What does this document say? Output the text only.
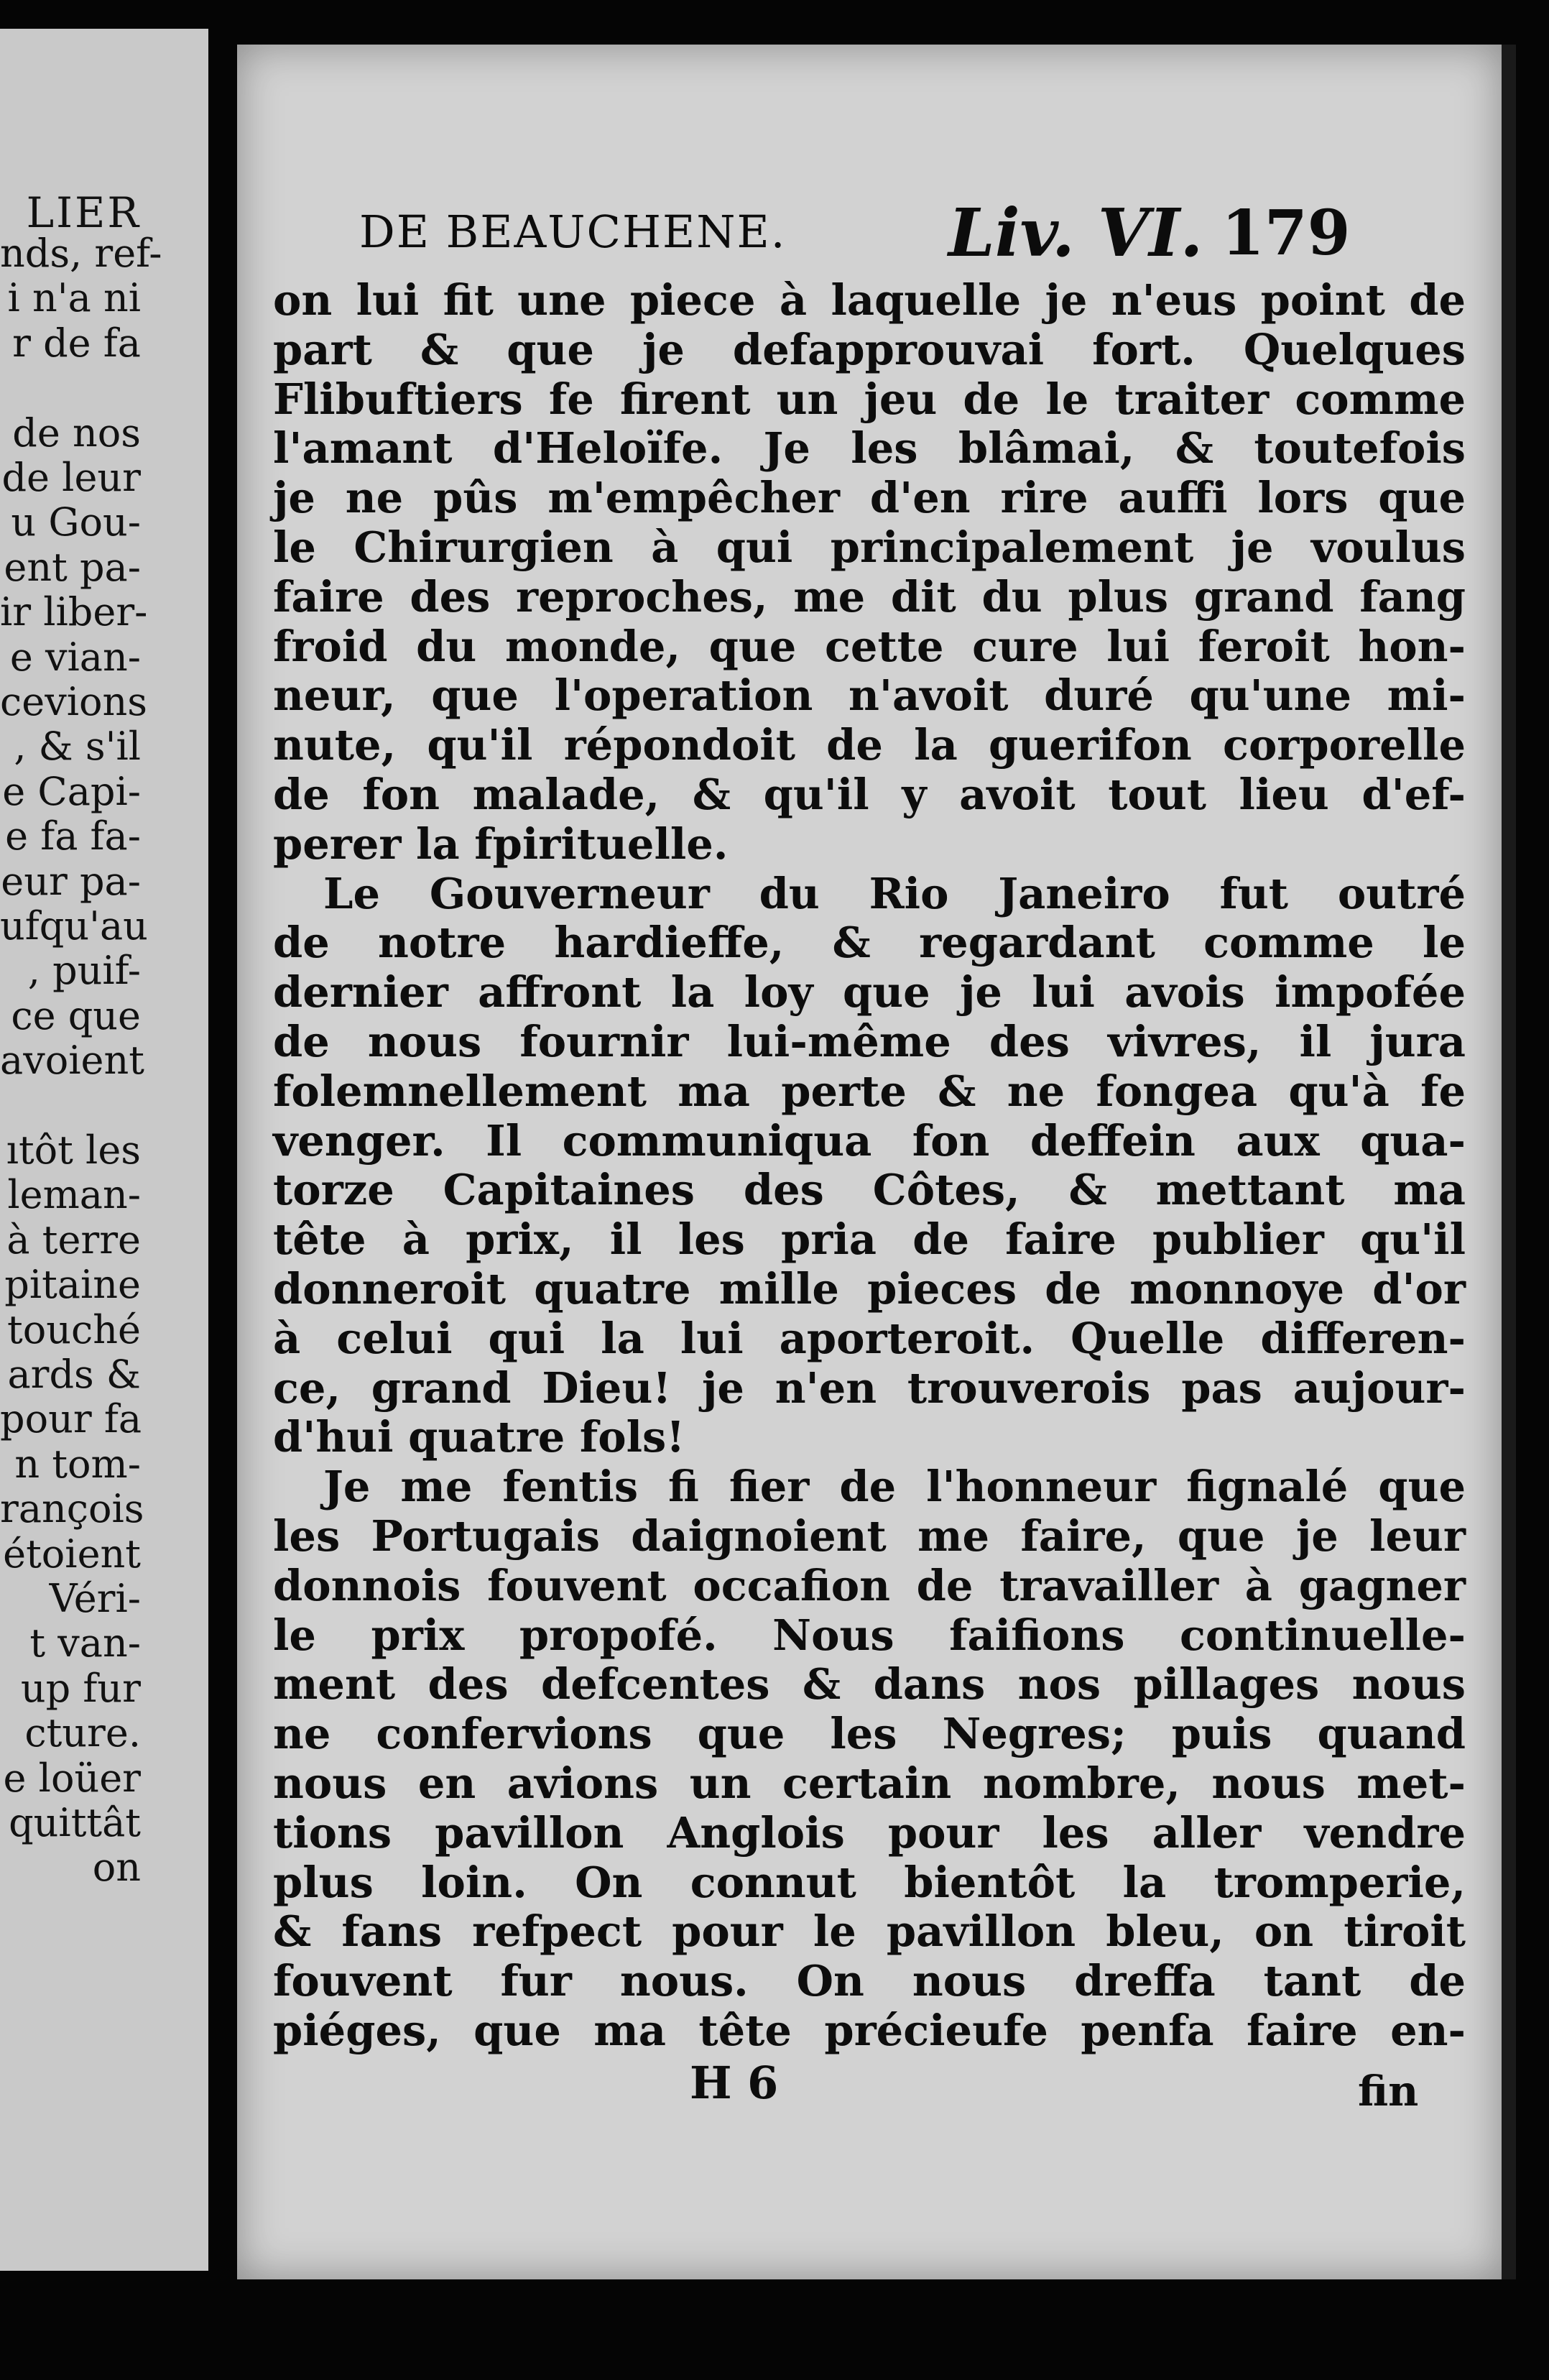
LIER
nds, ref-
i n'a ni
r de fa
de nos
de leur
u Gou-
ent pa-
ir liber-
e vian-
cevions
, & s'il
e Capi-
e fa fa-
eur pa-
ufqu'au
, puif-
ce que
avoient
ıtôt les
leman-
à terre
pitaine
touché
ards &
pour fa
n tom-
rançois
étoient
Véri-
t van-
up fur
cture.
e loüer
quittât
on
DE BEAUCHENE. Liv. VI. 179
on lui fit une piece à laquelle je n'eus point de
part & que je defapprouvai fort. Quelques
Flibuftiers fe firent un jeu de le traiter comme
l'amant d'Heloïfe. Je les blâmai, & toutefois
je ne pûs m'empêcher d'en rire auffi lors que
le Chirurgien à qui principalement je voulus
faire des reproches, me dit du plus grand fang
froid du monde, que cette cure lui feroit hon-
neur, que l'operation n'avoit duré qu'une mi-
nute, qu'il répondoit de la guerifon corporelle
de fon malade, & qu'il y avoit tout lieu d'ef-
perer la fpirituelle.
Le Gouverneur du Rio Janeiro fut outré
de notre hardieffe, & regardant comme le
dernier affront la loy que je lui avois impofée
de nous fournir lui-même des vivres, il jura
folemnellement ma perte & ne fongea qu'à fe
venger. Il communiqua fon deffein aux qua-
torze Capitaines des Côtes, & mettant ma
tête à prix, il les pria de faire publier qu'il
donneroit quatre mille pieces de monnoye d'or
à celui qui la lui aporteroit. Quelle differen-
ce, grand Dieu! je n'en trouverois pas aujour-
d'hui quatre fols!
Je me fentis fi fier de l'honneur fignalé que
les Portugais daignoient me faire, que je leur
donnois fouvent occafion de travailler à gagner
le prix propofé. Nous faifions continuelle-
ment des defcentes & dans nos pillages nous
ne confervions que les Negres; puis quand
nous en avions un certain nombre, nous met-
tions pavillon Anglois pour les aller vendre
plus loin. On connut bientôt la tromperie,
& fans refpect pour le pavillon bleu, on tiroit
fouvent fur nous. On nous dreffa tant de
piéges, que ma tête précieufe penfa faire en-
H 6	fin
